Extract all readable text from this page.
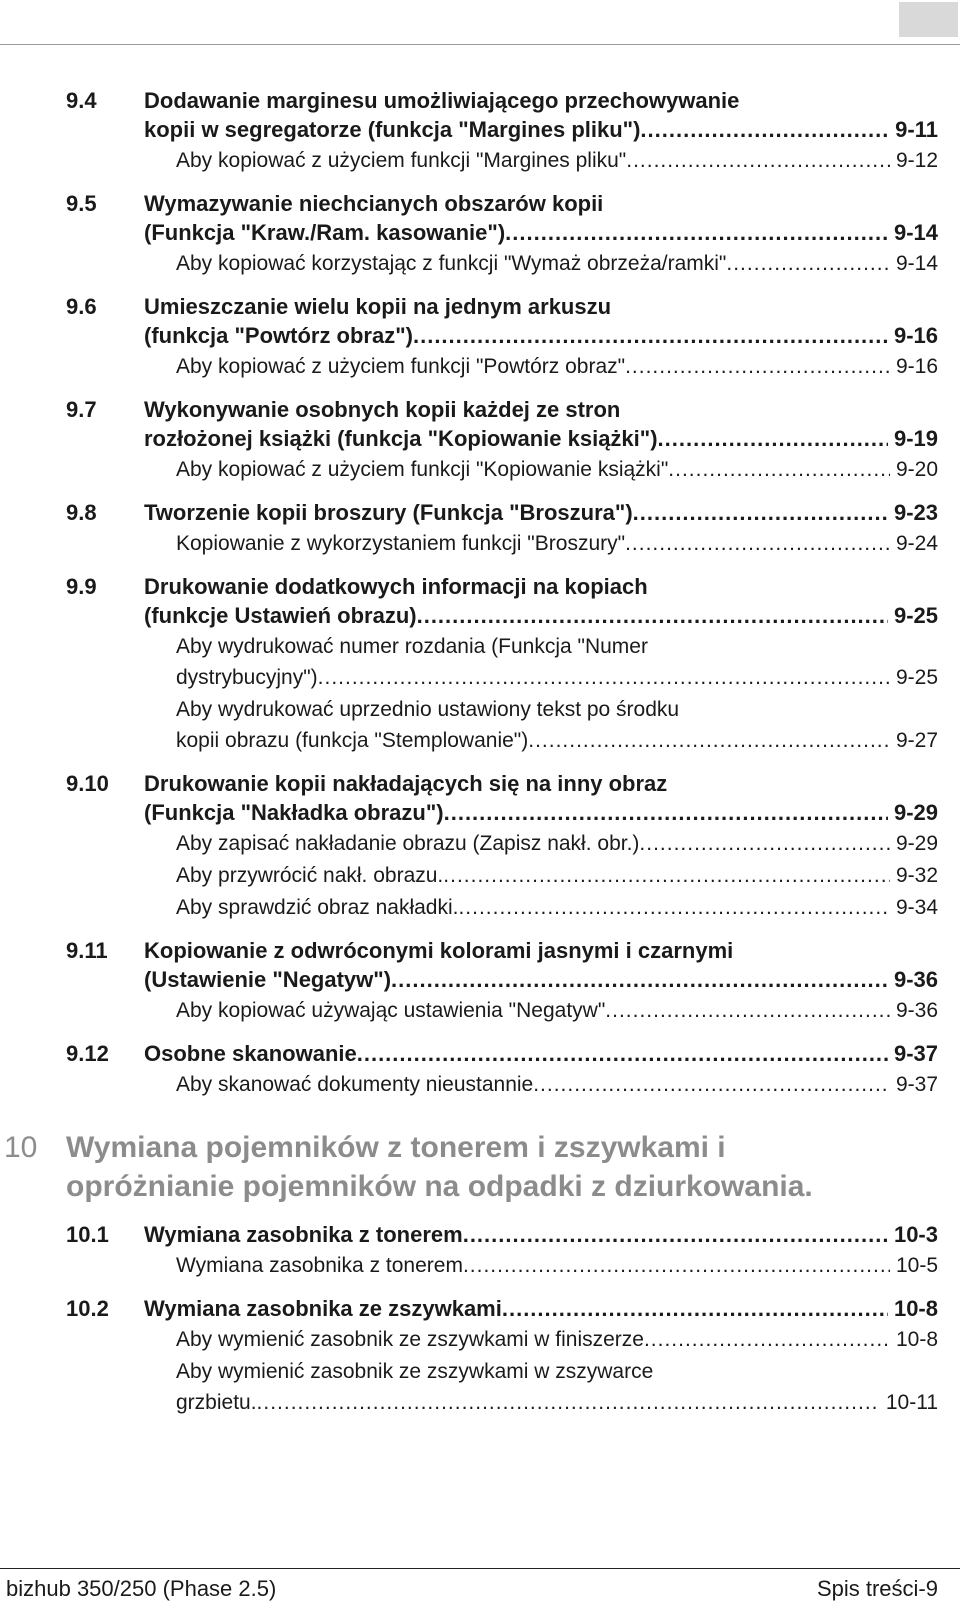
9.4	Dodawanie marginesu umożliwiającego przechowywanie
kopii w segregatorze (funkcja "Margines pliku") .....	9-11
Aby kopiować z użyciem funkcji "Margines pliku" .....	9-12
9.5	Wymazywanie niechcianych obszarów kopii
(Funkcja "Kraw./Ram. kasowanie") .....	9-14
Aby kopiować korzystając z funkcji "Wymaż obrzeża/ramki" .....	9-14
9.6	Umieszczanie wielu kopii na jednym arkuszu
(funkcja "Powtórz obraz") .....	9-16
Aby kopiować z użyciem funkcji "Powtórz obraz" .....	9-16
9.7	Wykonywanie osobnych kopii każdej ze stron
rozłożonej książki (funkcja "Kopiowanie książki") .....	9-19
Aby kopiować z użyciem funkcji "Kopiowanie książki" .....	9-20
9.8	Tworzenie kopii broszury (Funkcja "Broszura") .....	9-23
Kopiowanie z wykorzystaniem funkcji "Broszury" .....	9-24
9.9	Drukowanie dodatkowych informacji na kopiach
(funkcje Ustawień obrazu) .....	9-25
Aby wydrukować numer rozdania (Funkcja "Numer
dystrybucyjny") .....	9-25
Aby wydrukować uprzednio ustawiony tekst po środku
kopii obrazu (funkcja "Stemplowanie") .....	9-27
9.10	Drukowanie kopii nakładających się na inny obraz
(Funkcja "Nakładka obrazu") .....	9-29
Aby zapisać nakładanie obrazu (Zapisz nakł. obr.) .....	9-29
Aby przywrócić nakł. obrazu. .....	9-32
Aby sprawdzić obraz nakładki. .....	9-34
9.11	Kopiowanie z odwróconymi kolorami jasnymi i czarnymi
(Ustawienie "Negatyw") .....	9-36
Aby kopiować używając ustawienia "Negatyw" .....	9-36
9.12	Osobne skanowanie .....	9-37
Aby skanować dokumenty nieustannie .....	9-37
10 Wymiana pojemników z tonerem i zszywkami i
opróżnianie pojemników na odpadki z dziurkowania.
10.1	Wymiana zasobnika z tonerem .....	10-3
Wymiana zasobnika z tonerem .....	10-5
10.2	Wymiana zasobnika ze zszywkami .....	10-8
Aby wymienić zasobnik ze zszywkami w finiszerze .....	10-8
Aby wymienić zasobnik ze zszywkami w zszywarce
grzbietu. .....	10-11
bizhub 350/250 (Phase 2.5)	Spis treści-9
